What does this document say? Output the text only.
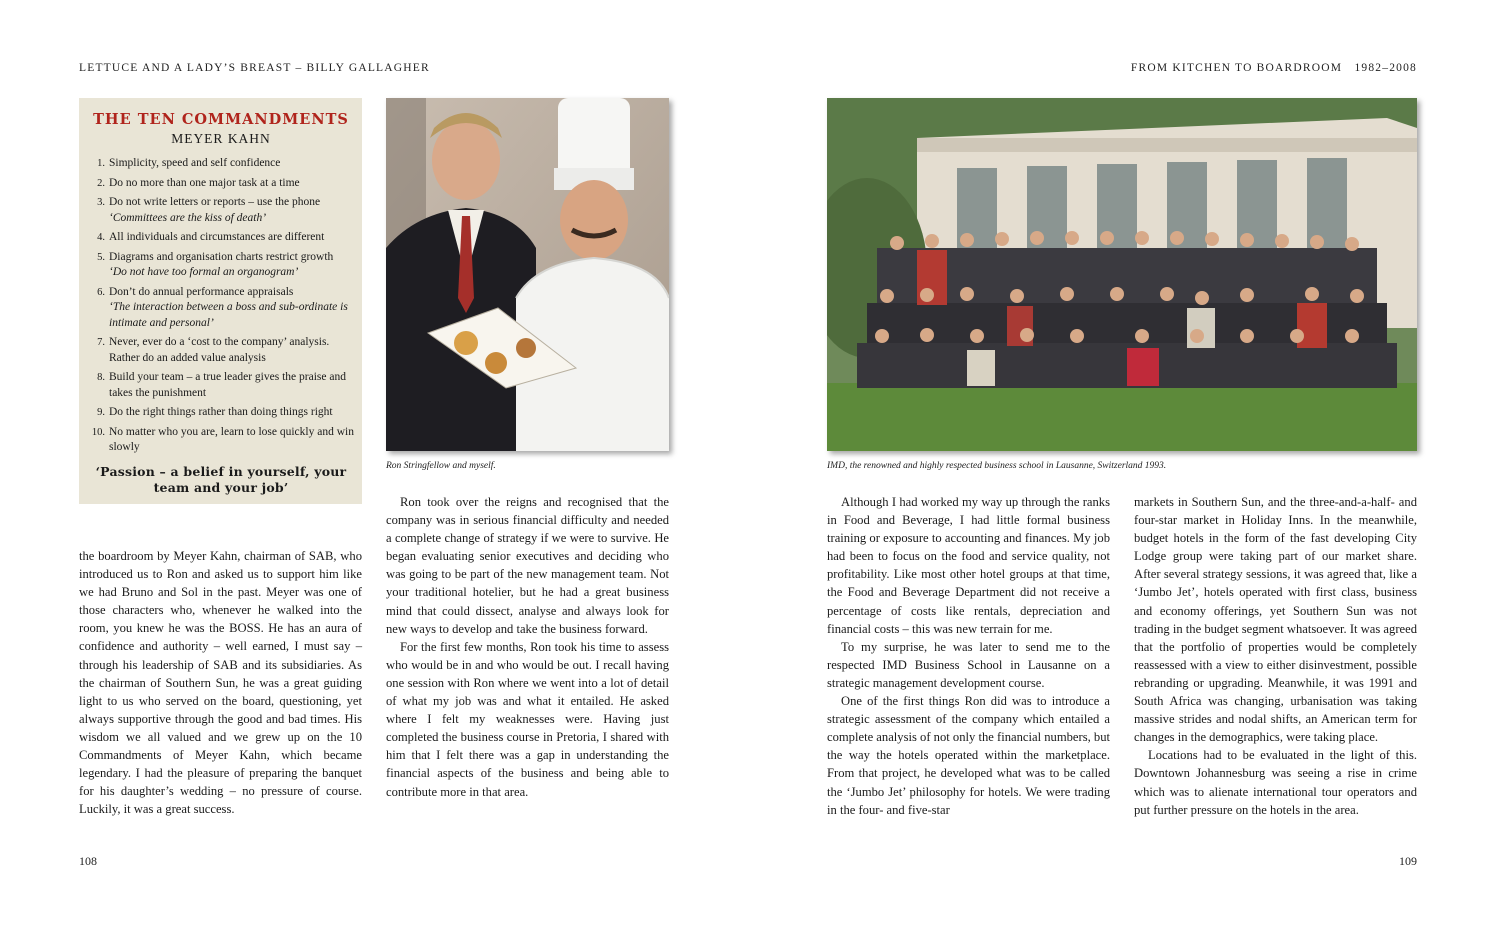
LETTUCE AND A LADY’S BREAST – BILLY GALLAGHER
THE TEN COMMANDMENTS
MEYER KAHN
1. Simplicity, speed and self confidence
2. Do no more than one major task at a time
3. Do not write letters or reports – use the phone
‘Committees are the kiss of death’
4. All individuals and circumstances are different
5. Diagrams and organisation charts restrict growth
‘Do not have too formal an organogram’
6. Don’t do annual performance appraisals
‘The interaction between a boss and sub-ordinate is intimate and personal’
7. Never, ever do a ‘cost to the company’ analysis. Rather do an added value analysis
8. Build your team – a true leader gives the praise and takes the punishment
9. Do the right things rather than doing things right
10. No matter who you are, learn to lose quickly and win slowly
‘Passion – a belief in yourself, your team and your job’
Ron Stringfellow and myself.

the boardroom by Meyer Kahn, chairman of SAB, who introduced us to Ron and asked us to support him like we had Bruno and Sol in the past. Meyer was one of those characters who, whenever he walked into the room, you knew he was the BOSS. He has an aura of confidence and authority – well earned, I must say – through his leadership of SAB and its subsidiaries. As the chairman of Southern Sun, he was a great guiding light to us who served on the board, questioning, yet always supportive through the good and bad times. His wisdom we all valued and we grew up on the 10 Commandments of Meyer Kahn, which became legendary. I had the pleasure of preparing the banquet for his daughter’s wedding – no pressure of course. Luckily, it was a great success.

Ron took over the reigns and recognised that the company was in serious financial difficulty and needed a complete change of strategy if we were to survive. He began evaluating senior executives and deciding who was going to be part of the new management team. Not your traditional hotelier, but he had a great business mind that could dissect, analyse and always look for new ways to develop and take the business forward.

For the first few months, Ron took his time to assess who would be in and who would be out. I recall having one session with Ron where we went into a lot of detail of what my job was and what it entailed. He asked where I felt my weaknesses were. Having just completed the business course in Pretoria, I shared with him that I felt there was a gap in understanding the financial aspects of the business and being able to contribute more in that area.

108
FROM KITCHEN TO BOARDROOM   1982–2008
IMD, the renowned and highly respected business school in Lausanne, Switzerland 1993.

Although I had worked my way up through the ranks in Food and Beverage, I had little formal business training or exposure to accounting and finances. My job had been to focus on the food and service quality, not profitability. Like most other hotel groups at that time, the Food and Beverage Department did not receive a percentage of costs like rentals, depreciation and financial costs – this was new terrain for me.

To my surprise, he was later to send me to the respected IMD Business School in Lausanne on a strategic management development course.

One of the first things Ron did was to introduce a strategic assessment of the company which entailed a complete analysis of not only the financial numbers, but the way the hotels operated within the marketplace. From that project, he developed what was to be called the ‘Jumbo Jet’ philosophy for hotels. We were trading in the four- and five-star

markets in Southern Sun, and the three-and-a-half- and four-star market in Holiday Inns. In the meanwhile, budget hotels in the form of the fast developing City Lodge group were taking part of our market share. After several strategy sessions, it was agreed that, like a ‘Jumbo Jet’, hotels operated with first class, business and economy offerings, yet Southern Sun was not trading in the budget segment whatsoever. It was agreed that the portfolio of properties would be completely reassessed with a view to either disinvestment, possible rebranding or upgrading. Meanwhile, it was 1991 and South Africa was changing, urbanisation was taking massive strides and nodal shifts, an American term for changes in the demographics, were taking place.

Locations had to be evaluated in the light of this. Downtown Johannesburg was seeing a rise in crime which was to alienate international tour operators and put further pressure on the hotels in the area.

109
